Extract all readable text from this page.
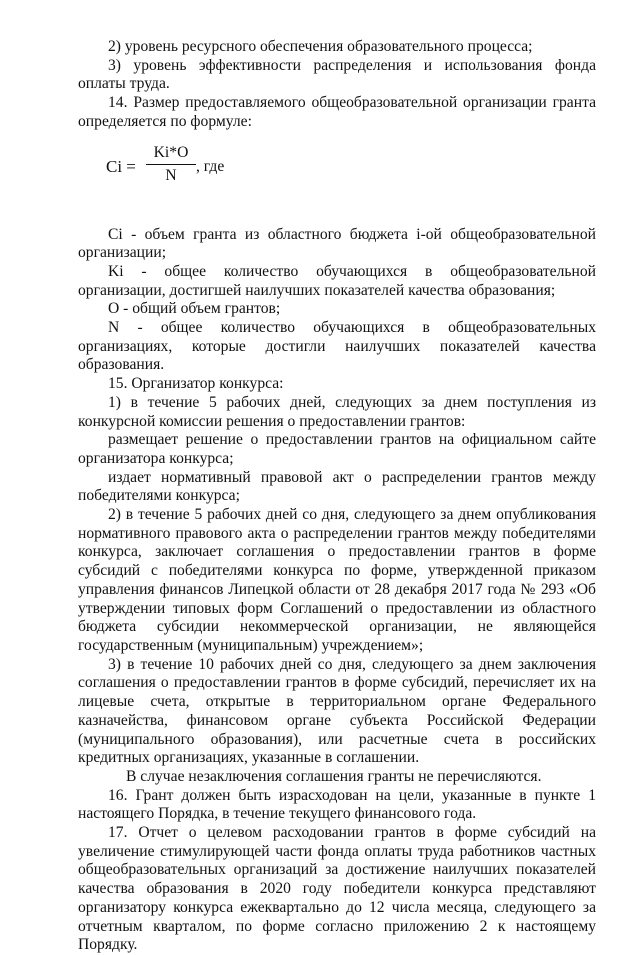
2) уровень ресурсного обеспечения образовательного процесса;

3) уровень эффективности распределения и использования фонда оплаты труда.

14. Размер предоставляемого общеобразовательной организации гранта определяется по формуле:

Ci =
Ki*O
N
, где

Ci - объем гранта из областного бюджета i-ой общеобразовательной организации;

Ki - общее количество обучающихся в общеобразовательной организации, достигшей наилучших показателей качества образования;

O - общий объем грантов;

N - общее количество обучающихся в общеобразовательных организациях, которые достигли наилучших показателей качества образования.

15. Организатор конкурса:

1) в течение 5 рабочих дней, следующих за днем поступления из конкурсной комиссии решения о предоставлении грантов:

размещает решение о предоставлении грантов на официальном сайте организатора конкурса;

издает нормативный правовой акт о распределении грантов между победителями конкурса;

2) в течение 5 рабочих дней со дня, следующего за днем опубликования нормативного правового акта о распределении грантов между победителями конкурса, заключает соглашения о предоставлении грантов в форме субсидий с победителями конкурса по форме, утвержденной приказом управления финансов Липецкой области от 28 декабря 2017 года № 293 «Об утверждении типовых форм Соглашений о предоставлении из областного бюджета субсидии некоммерческой организации, не являющейся государственным (муниципальным) учреждением»;

3) в течение 10 рабочих дней со дня, следующего за днем заключения соглашения о предоставлении грантов в форме субсидий, перечисляет их на лицевые счета, открытые в территориальном органе Федерального казначейства, финансовом органе субъекта Российской Федерации (муниципального образования), или расчетные счета в российских кредитных организациях, указанные в соглашении.

В случае незаключения соглашения гранты не перечисляются.

16. Грант должен быть израсходован на цели, указанные в пункте 1 настоящего Порядка, в течение текущего финансового года.

17. Отчет о целевом расходовании грантов в форме субсидий на увеличение стимулирующей части фонда оплаты труда работников частных общеобразовательных организаций за достижение наилучших показателей качества образования в 2020 году победители конкурса представляют организатору конкурса ежеквартально до 12 числа месяца, следующего за отчетным кварталом, по форме согласно приложению 2 к настоящему Порядку.
